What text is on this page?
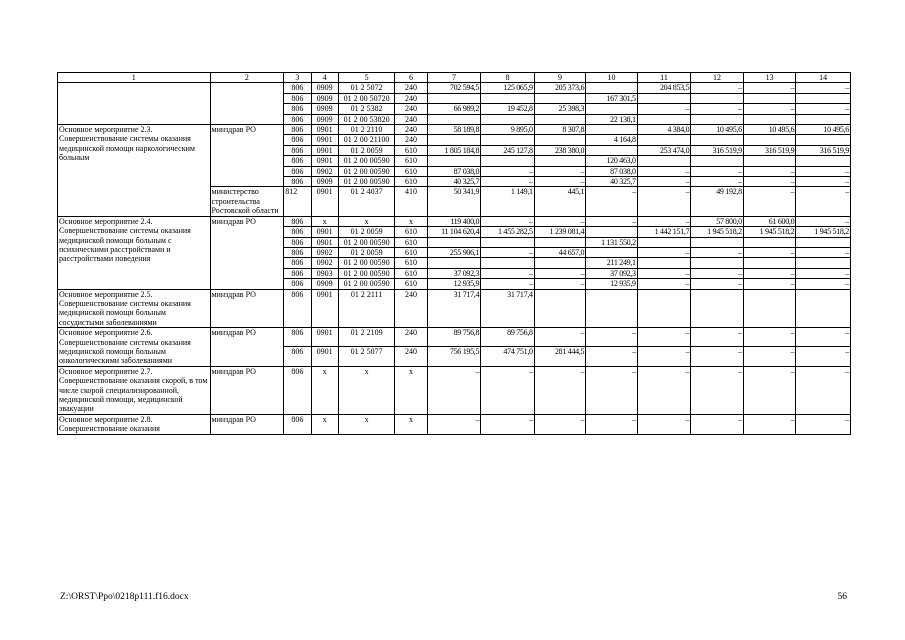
1	2	3	4	5	6	7	8	9	10	11	12	13	14
		806	0909	01 2 5072	240	702 594,5	125 065,9	205 373,6		204 853,5	–	–	–
		806	0909	01 2 00 50720	240				167 301,5				
		806	0909	01 2 5382	240	66 989,2	19 452,8	25 398,3		–	–	–	–
		806	0909	01 2 00 53820	240				22 138,1				
Основное мероприятие 2.3. Совершенствование системы оказания медицинской помощи наркологическим больным	минздрав РО	806	0901	01 2 2110	240	58 189,8	9 895,0	8 307,8		4 384,0	10 495,6	10 495,6	10 495,6
		806	0901	01 2 00 21100	240				4 164,8				
		806	0901	01 2 0059	610	1 805 184,8	245 127,8	238 380,0		253 474,0	316 519,9	316 519,9	316 519,9
		806	0901	01 2 00 00590	610				120 463,0				
		806	0902	01 2 00 00590	610	87 038,0	–	–	87 038,0	–	–	–	–
		806	0909	01 2 00 00590	610	40 325,7	–	–	40 325,7	–	–	–	–
	министерство строительства Ростовской области	812	0901	01 2 4037	410	50 341,9	1 149,1	445,1	–	–	49 192,8	–	–
Основное мероприятие 2.4. Совершенствование системы оказания медицинской помощи больным с психическими расстройствами и расстройствами поведения	минздрав РО	806	х	х	х	119 400,0	–	–	–	–	57 800,0	61 600,0	–
		806	0901	01 2 0059	610	11 104 620,4	1 455 282,5	1 239 081,4		1 442 151,7	1 945 518,2	1 945 518,2	1 945 518,2
		806	0901	01 2 00 00590	610				1 131 550,2				
		806	0902	01 2 0059	610	255 906,1	–	44 657,0		–	–	–	–
		806	0902	01 2 00 00590	610				211 249,1				
		806	0903	01 2 00 00590	610	37 092,3	–	–	37 092,3	–	–	–	–
		806	0909	01 2 00 00590	610	12 935,9	–	–	12 935,9	–	–	–	–
Основное мероприятие 2.5. Совершенствование системы оказания медицинской помощи больным сосудистыми заболеваниями	минздрав РО	806	0901	01 2 2111	240	31 717,4	31 717,4						
Основное мероприятие 2.6. Совершенствование системы оказания медицинской помощи больным онкологическими заболеваниями	минздрав РО	806	0901	01 2 2109	240	89 756,8	89 756,8	–	–	–	–	–	–
		806	0901	01 2 5077	240	756 195,5	474 751,0	281 444,5	–	–	–	–	–
Основное мероприятие 2.7. Совершенствование оказания скорой, в том числе скорой специализированной, медицинской помощи, медицинской эвакуации	минздрав РО	806	х	х	х	–	–	–	–	–	–	–	–
Основное мероприятие 2.8. Совершенствование оказания	минздрав РО	806	х	х	х	–	–	–	–	–	–	–	–
Z:\ORST\Ppo\0218p111.f16.docx	56
